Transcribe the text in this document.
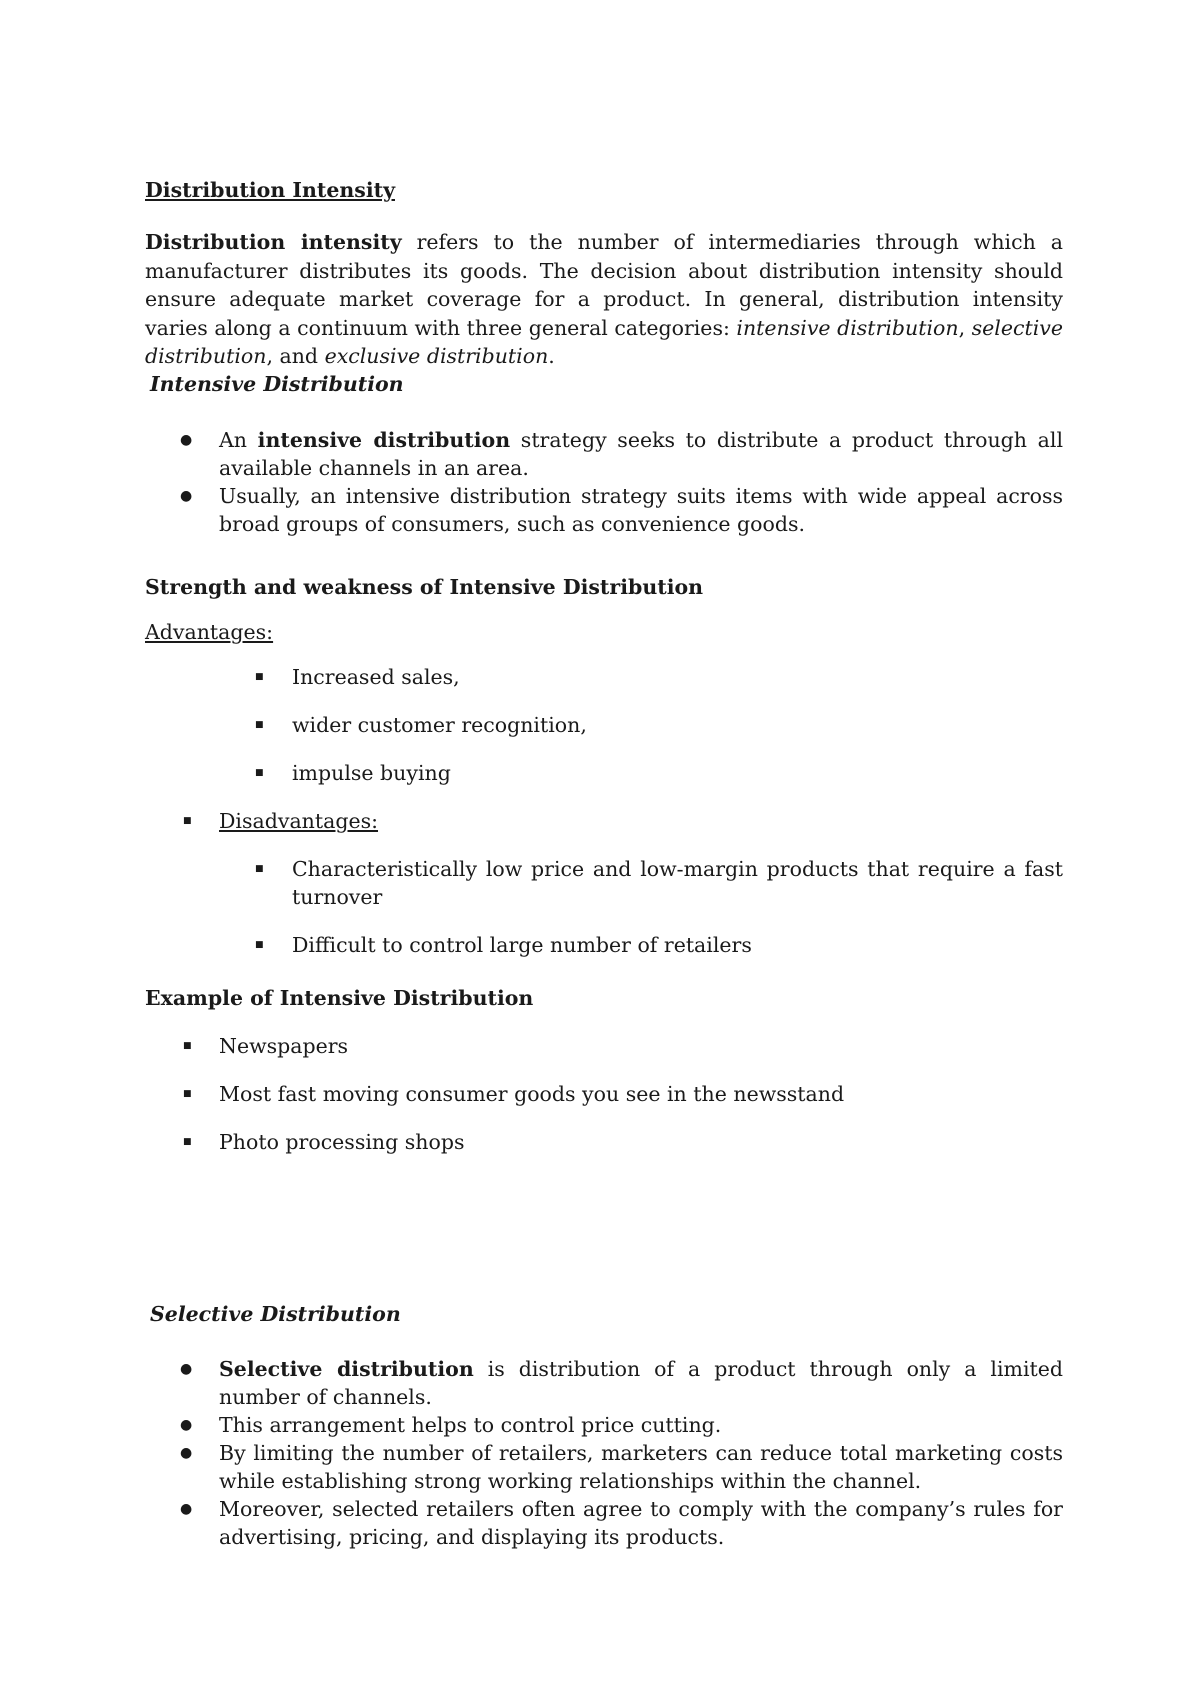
Distribution Intensity

Distribution intensity refers to the number of intermediaries through which a manufacturer distributes its goods. The decision about distribution intensity should ensure adequate market coverage for a product. In general, distribution intensity varies along a continuum with three general categories: intensive distribution, selective distribution, and exclusive distribution.

Intensive Distribution

● An intensive distribution strategy seeks to distribute a product through all available channels in an area.
● Usually, an intensive distribution strategy suits items with wide appeal across broad groups of consumers, such as convenience goods.

Strength and weakness of Intensive Distribution

Advantages:

■ Increased sales,
■ wider customer recognition,
■ impulse buying
■ Disadvantages:
■ Characteristically low price and low-margin products that require a fast turnover
■ Difficult to control large number of retailers

Example of Intensive Distribution

■ Newspapers
■ Most fast moving consumer goods you see in the newsstand
■ Photo processing shops

Selective Distribution

● Selective distribution is distribution of a product through only a limited number of channels.
● This arrangement helps to control price cutting.
● By limiting the number of retailers, marketers can reduce total marketing costs while establishing strong working relationships within the channel.
● Moreover, selected retailers often agree to comply with the company’s rules for advertising, pricing, and displaying its products.
